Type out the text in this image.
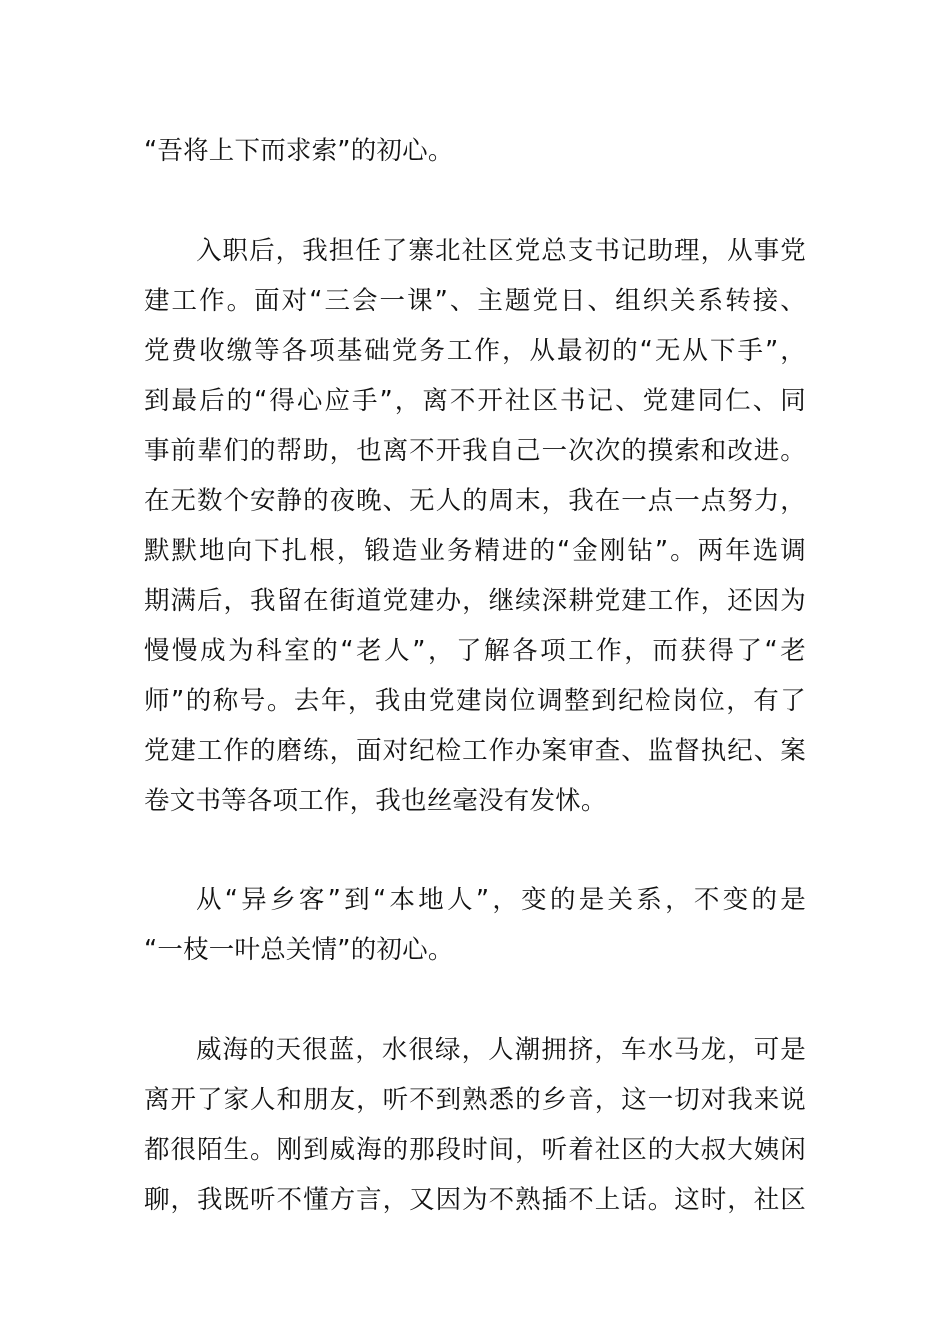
“吾将上下而求索”的初心。
入职后，我担任了寨北社区党总支书记助理，从事党
建工作。面对“三会一课”、主题党日、组织关系转接、
党费收缴等各项基础党务工作，从最初的“无从下手”，
到最后的“得心应手”，离不开社区书记、党建同仁、同
事前辈们的帮助，也离不开我自己一次次的摸索和改进。
在无数个安静的夜晚、无人的周末，我在一点一点努力，
默默地向下扎根，锻造业务精进的“金刚钻”。两年选调
期满后，我留在街道党建办，继续深耕党建工作，还因为
慢慢成为科室的“老人”，了解各项工作，而获得了“老
师”的称号。去年，我由党建岗位调整到纪检岗位，有了
党建工作的磨练，面对纪检工作办案审查、监督执纪、案
卷文书等各项工作，我也丝毫没有发怵。
从“异乡客”到“本地人”，变的是关系，不变的是
“一枝一叶总关情”的初心。
威海的天很蓝，水很绿，人潮拥挤，车水马龙，可是
离开了家人和朋友，听不到熟悉的乡音，这一切对我来说
都很陌生。刚到威海的那段时间，听着社区的大叔大姨闲
聊，我既听不懂方言，又因为不熟插不上话。这时，社区
